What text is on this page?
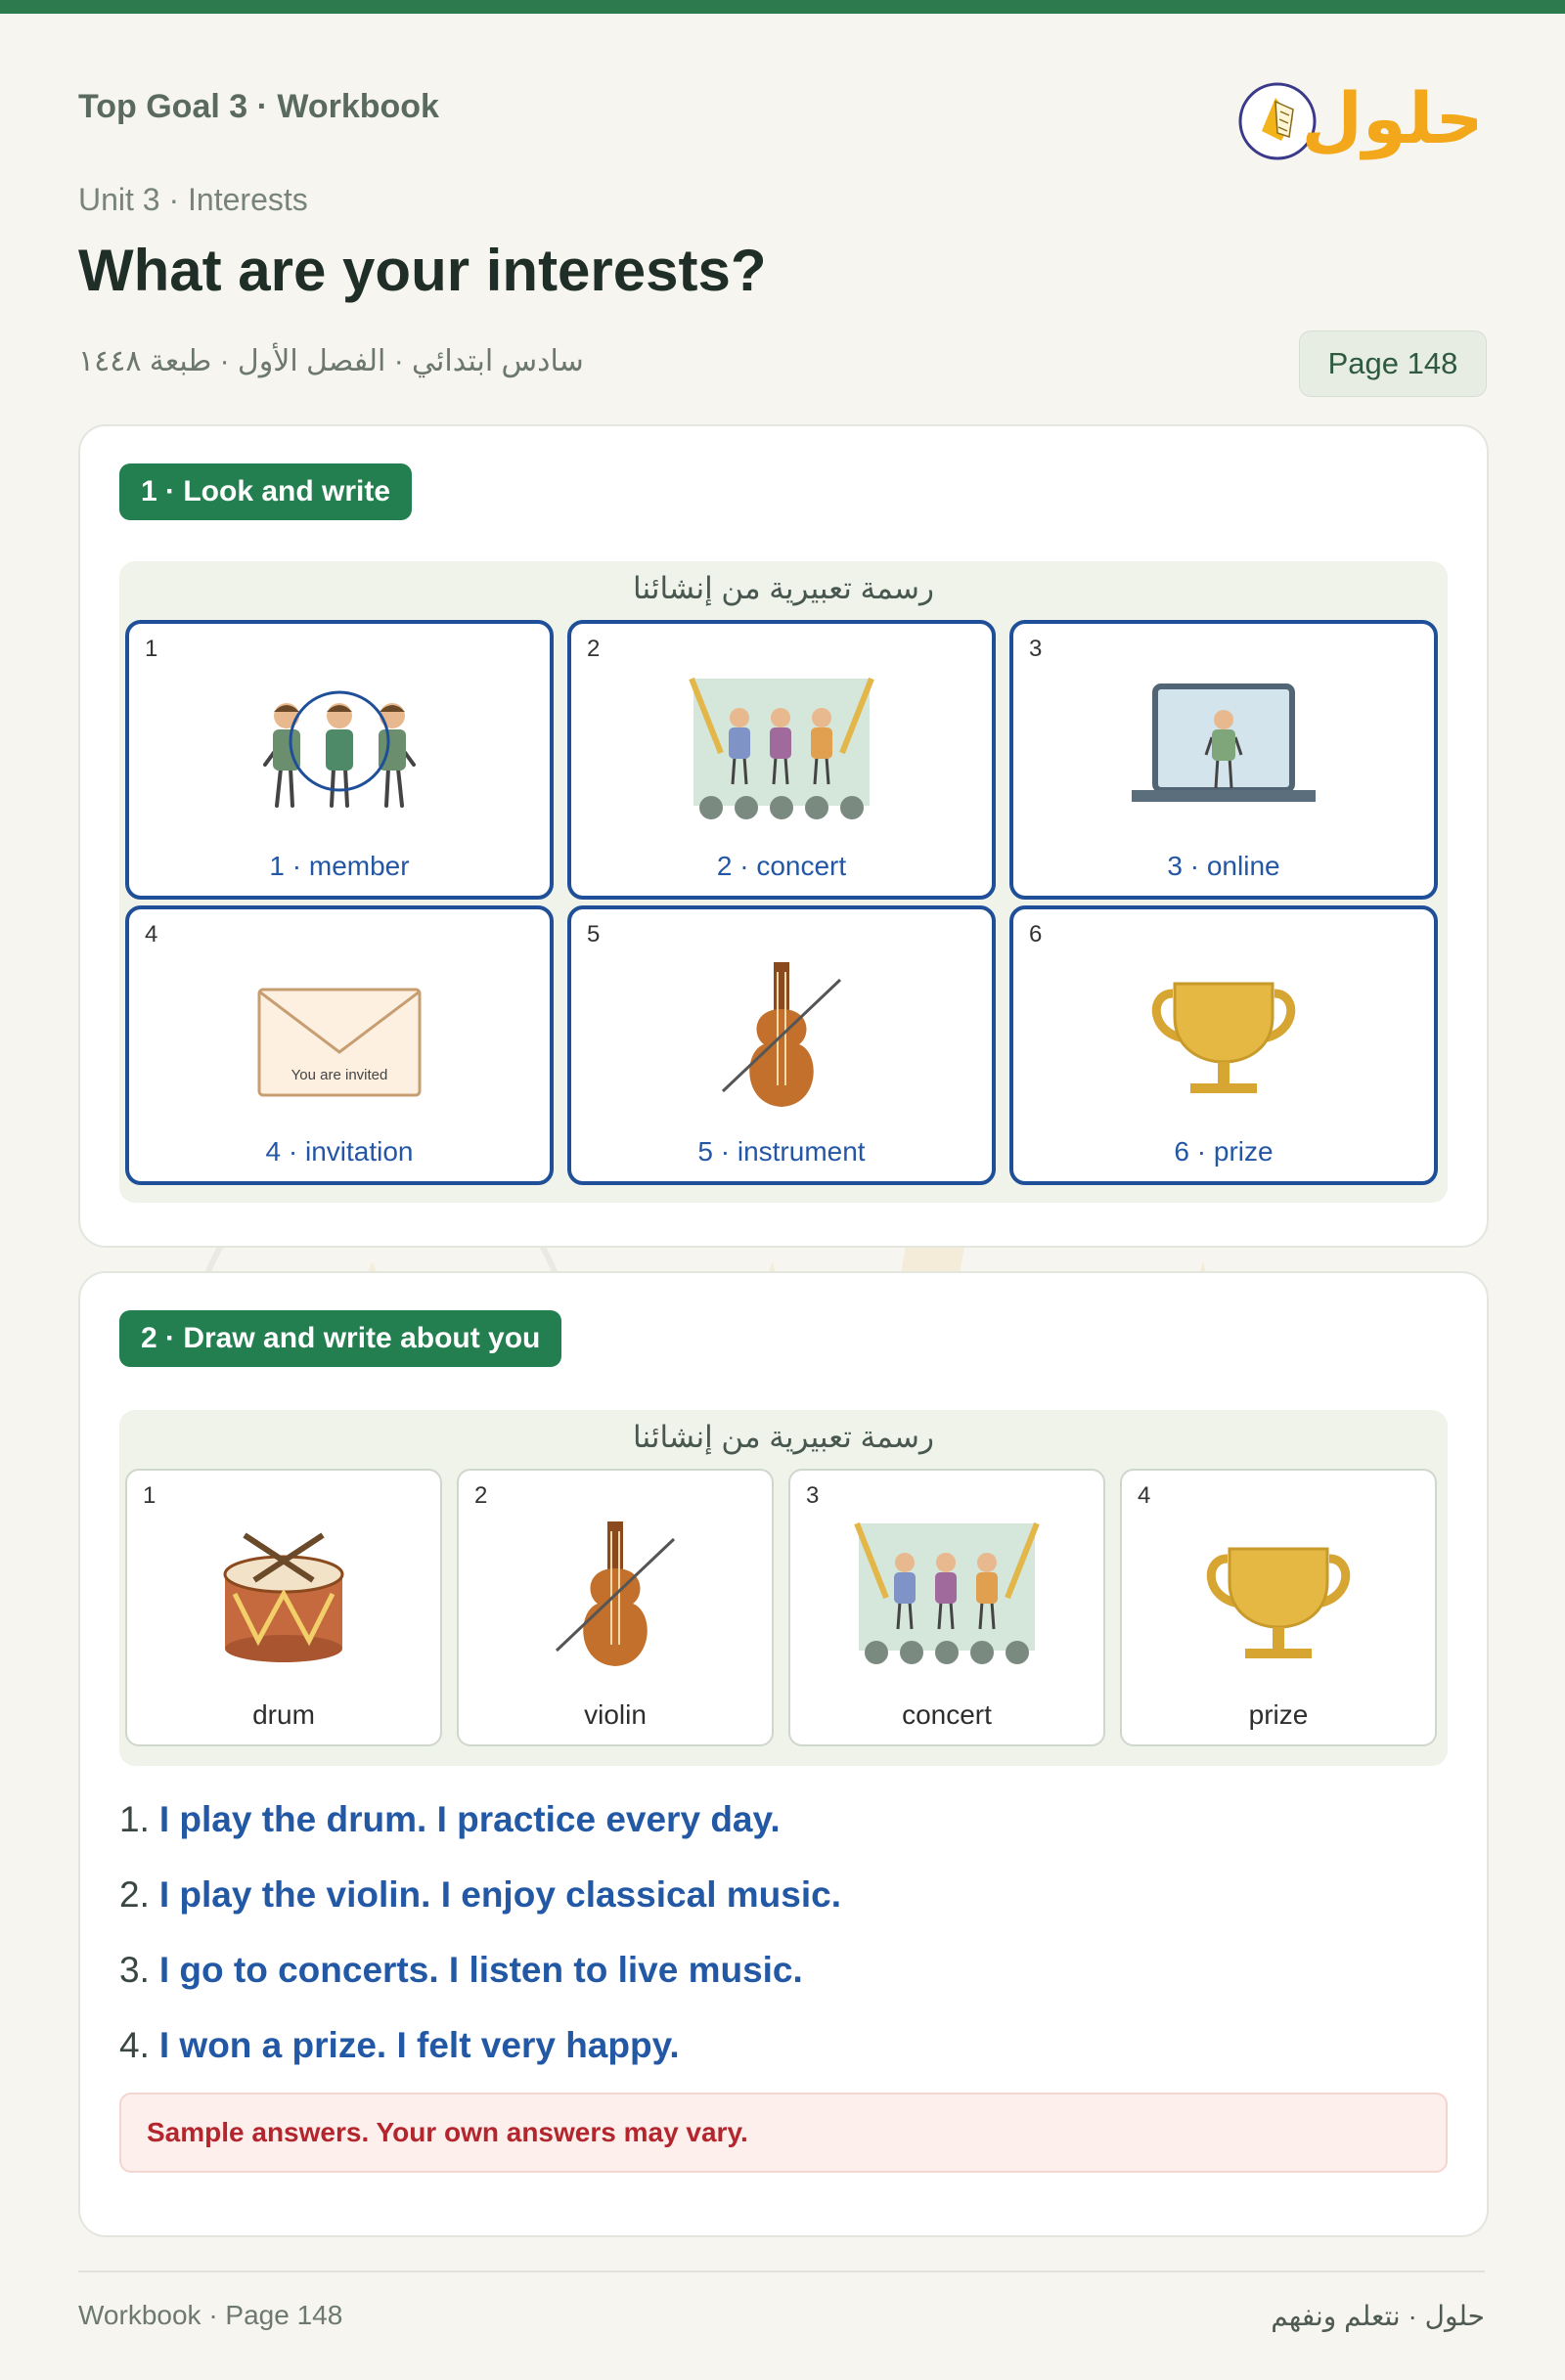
Top Goal 3 · Workbook	حلول
Unit 3 · Interests
What are your interests?
سادس ابتدائي · الفصل الأول · طبعة ١٤٤٨	Page 148
1 · Look and write
رسمة تعبيرية من إنشائنا
1
1 · member
2
2 · concert
3
3 · online
4
You are invited
4 · invitation
5
5 · instrument
6
6 · prize
2 · Draw and write about you
رسمة تعبيرية من إنشائنا
1
drum
2
violin
3
concert
4
prize
1. I play the drum. I practice every day.
2. I play the violin. I enjoy classical music.
3. I go to concerts. I listen to live music.
4. I won a prize. I felt very happy.
Sample answers. Your own answers may vary.
Workbook · Page 148	حلول · نتعلم ونفهم
